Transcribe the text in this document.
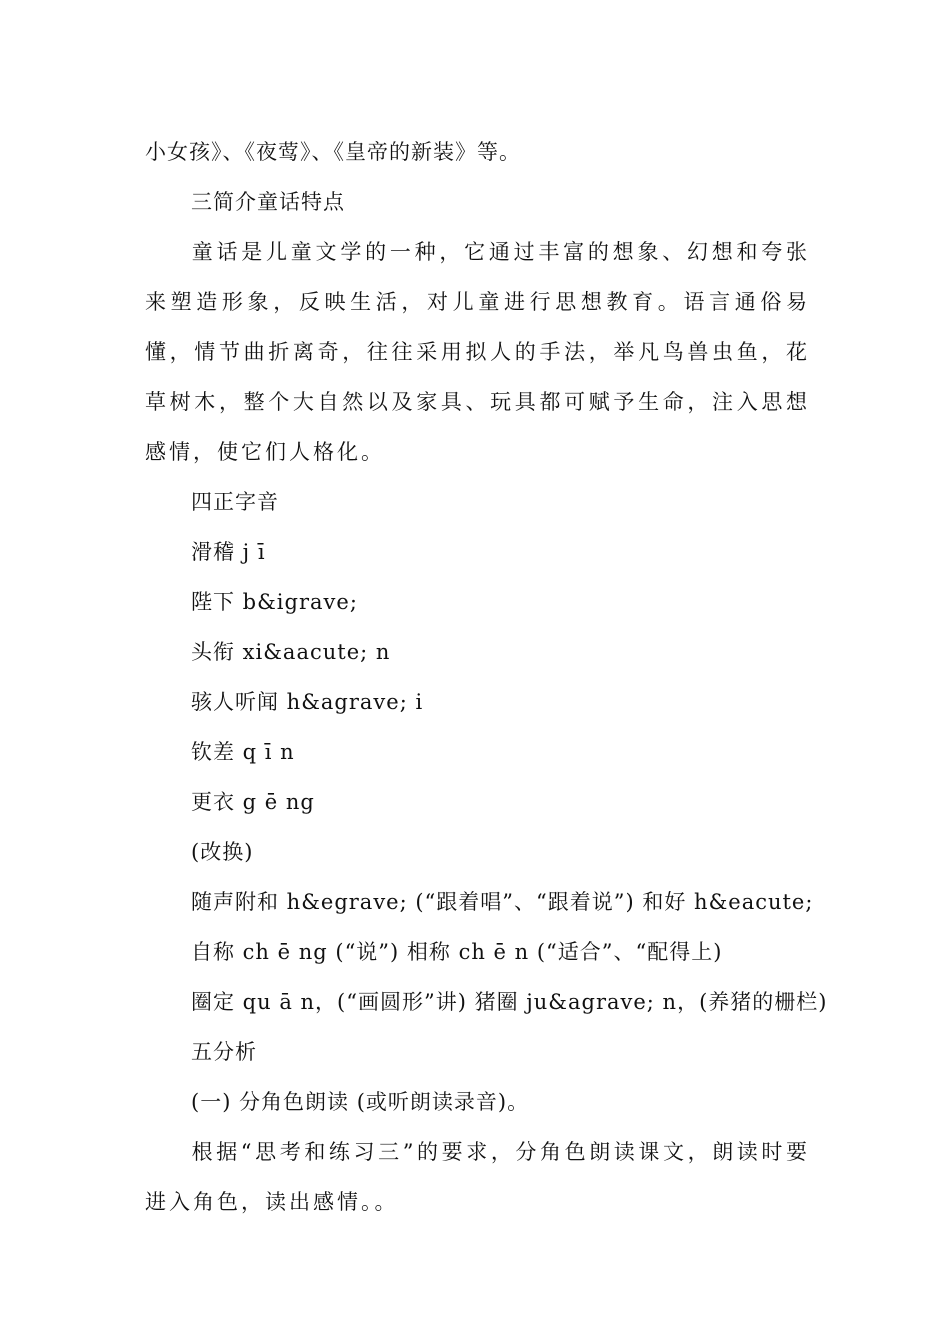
小女孩》、《夜莺》、《皇帝的新装》等。
三简介童话特点
童话是儿童文学的一种，它通过丰富的想象、幻想和夸张来塑造形象，反映生活，对儿童进行思想教育。语言通俗易懂，情节曲折离奇，往往采用拟人的手法，举凡鸟兽虫鱼，花草树木，整个大自然以及家具、玩具都可赋予生命，注入思想感情，使它们人格化。
四正字音
滑稽 j ī
陛下 b&igrave;
头衔 xi&aacute; n
骇人听闻 h&agrave; i
钦差 q ī n
更衣 g ē ng
(改换)
随声附和 h&egrave; (“跟着唱”、“跟着说”) 和好 h&eacute;
自称 ch ē ng (“说”) 相称 ch ē n (“适合”、“配得上)
圈定 qu ā n，(“画圆形”讲) 猪圈 ju&agrave; n，(养猪的栅栏)
五分析
(一) 分角色朗读 (或听朗读录音)。
根据“思考和练习三”的要求，分角色朗读课文，朗读时要进入角色，读出感情。。
